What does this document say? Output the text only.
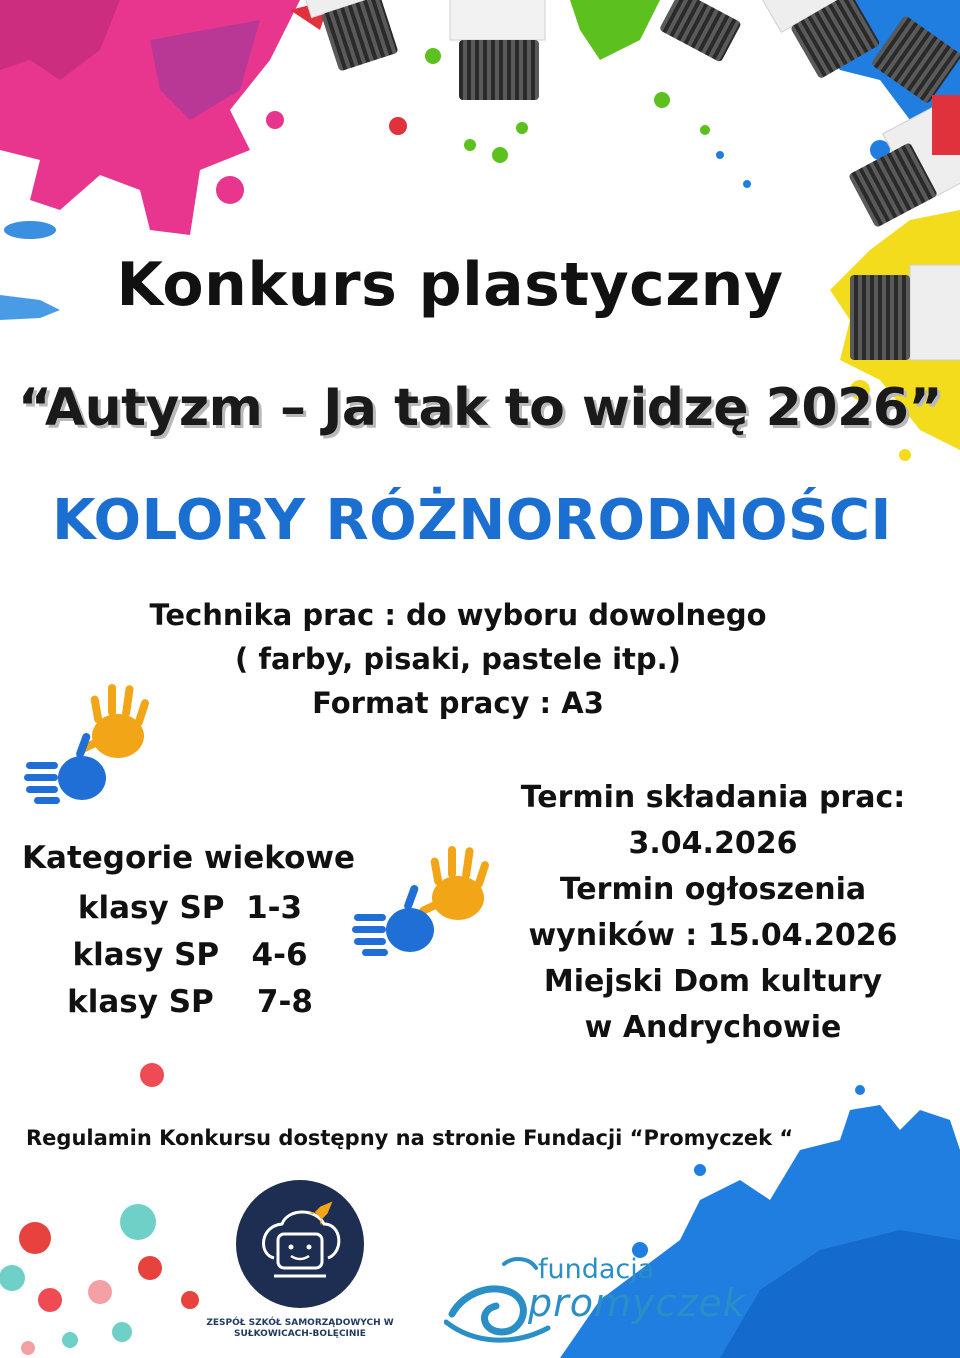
Konkurs plastyczny
“Autyzm – Ja tak to widzę 2026”
KOLORY RÓŻNORODNOŚCI

Technika prac : do wyboru dowolnego

( farby, pisaki, pastele itp.)

Format pracy : A3

Kategorie wiekowe

klasy SP  1-3

klasy SP   4-6

klasy SP    7-8

Termin składania prac:

3.04.2026

Termin ogłoszenia

wyników : 15.04.2026

Miejski Dom kultury

w Andrychowie

Regulamin Konkursu dostępny na stronie Fundacji “Promyczek “

ZESPÓŁ SZKÓŁ SAMORZĄDOWYCH W SUŁKOWICACH-BOLĘCINIE

fundacja

promyczek
